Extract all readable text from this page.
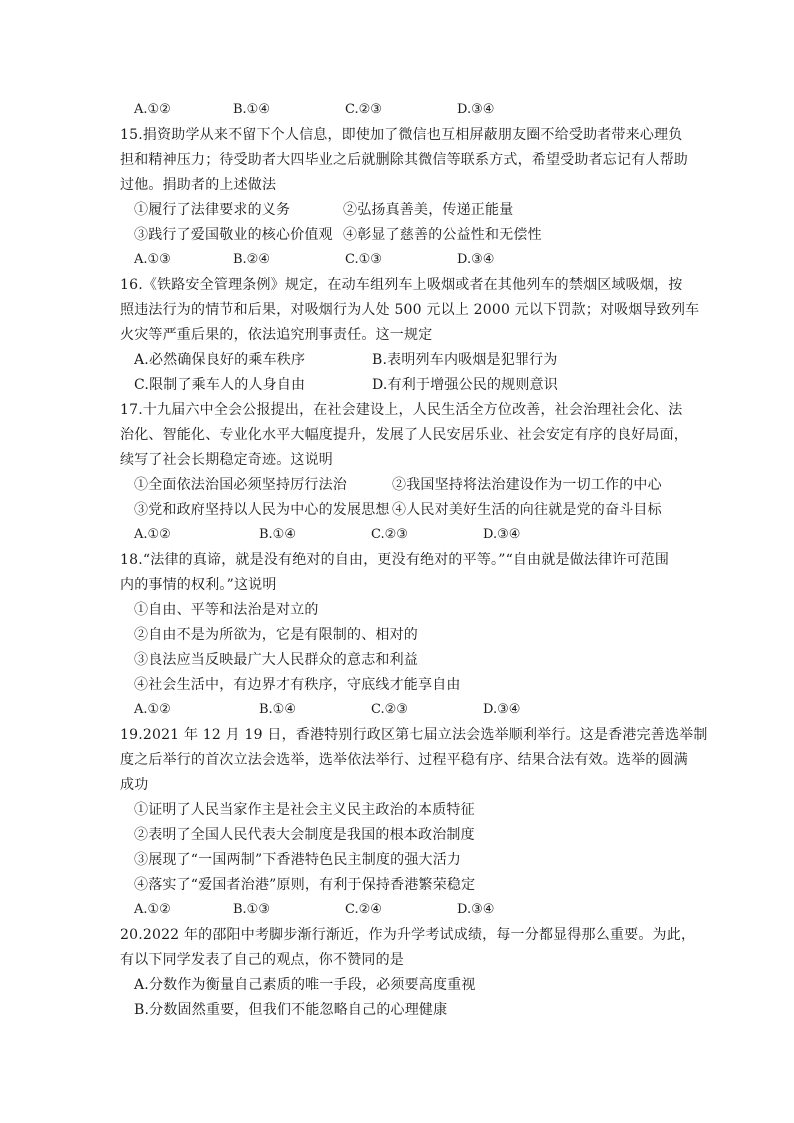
A.①②	B.①④	C.②③	D.③④
15.捐资助学从来不留下个人信息，即使加了微信也互相屏蔽朋友圈不给受助者带来心理负
担和精神压力；待受助者大四毕业之后就删除其微信等联系方式，希望受助者忘记有人帮助
过他。捐助者的上述做法
①履行了法律要求的义务	②弘扬真善美，传递正能量
③践行了爱国敬业的核心价值观 ④彰显了慈善的公益性和无偿性
A.①③	B.②④	C.①③	D.③④
16.《铁路安全管理条例》规定，在动车组列车上吸烟或者在其他列车的禁烟区域吸烟，按
照违法行为的情节和后果，对吸烟行为人处 500 元以上 2000 元以下罚款；对吸烟导致列车
火灾等严重后果的，依法追究刑事责任。这一规定
A.必然确保良好的乘车秩序	B.表明列车内吸烟是犯罪行为
C.限制了乘车人的人身自由	D.有利于增强公民的规则意识
17.十九届六中全会公报提出，在社会建设上，人民生活全方位改善，社会治理社会化、法
治化、智能化、专业化水平大幅度提升，发展了人民安居乐业、社会安定有序的良好局面，
续写了社会长期稳定奇迹。这说明
①全面依法治国必须坚持厉行法治	②我国坚持将法治建设作为一切工作的中心
③党和政府坚持以人民为中心的发展思想 ④人民对美好生活的向往就是党的奋斗目标
A.①②	B.①④	C.②③	D.③④
18.“法律的真谛，就是没有绝对的自由，更没有绝对的平等。”“自由就是做法律许可范围
内的事情的权利。”这说明
①自由、平等和法治是对立的
②自由不是为所欲为，它是有限制的、相对的
③良法应当反映最广大人民群众的意志和利益
④社会生活中，有边界才有秩序，守底线才能享自由
A.①②	B.①④	C.②③	D.③④
19.2021 年 12 月 19 日，香港特别行政区第七届立法会选举顺利举行。这是香港完善选举制
度之后举行的首次立法会选举，选举依法举行、过程平稳有序、结果合法有效。选举的圆满
成功
①证明了人民当家作主是社会主义民主政治的本质特征
②表明了全国人民代表大会制度是我国的根本政治制度
③展现了“一国两制”下香港特色民主制度的强大活力
④落实了“爱国者治港”原则，有利于保持香港繁荣稳定
A.①②	B.①③	C.②④	D.③④
20.2022 年的邵阳中考脚步渐行渐近，作为升学考试成绩，每一分都显得那么重要。为此，
有以下同学发表了自己的观点，你不赞同的是
A.分数作为衡量自己素质的唯一手段，必须要高度重视
B.分数固然重要，但我们不能忽略自己的心理健康
